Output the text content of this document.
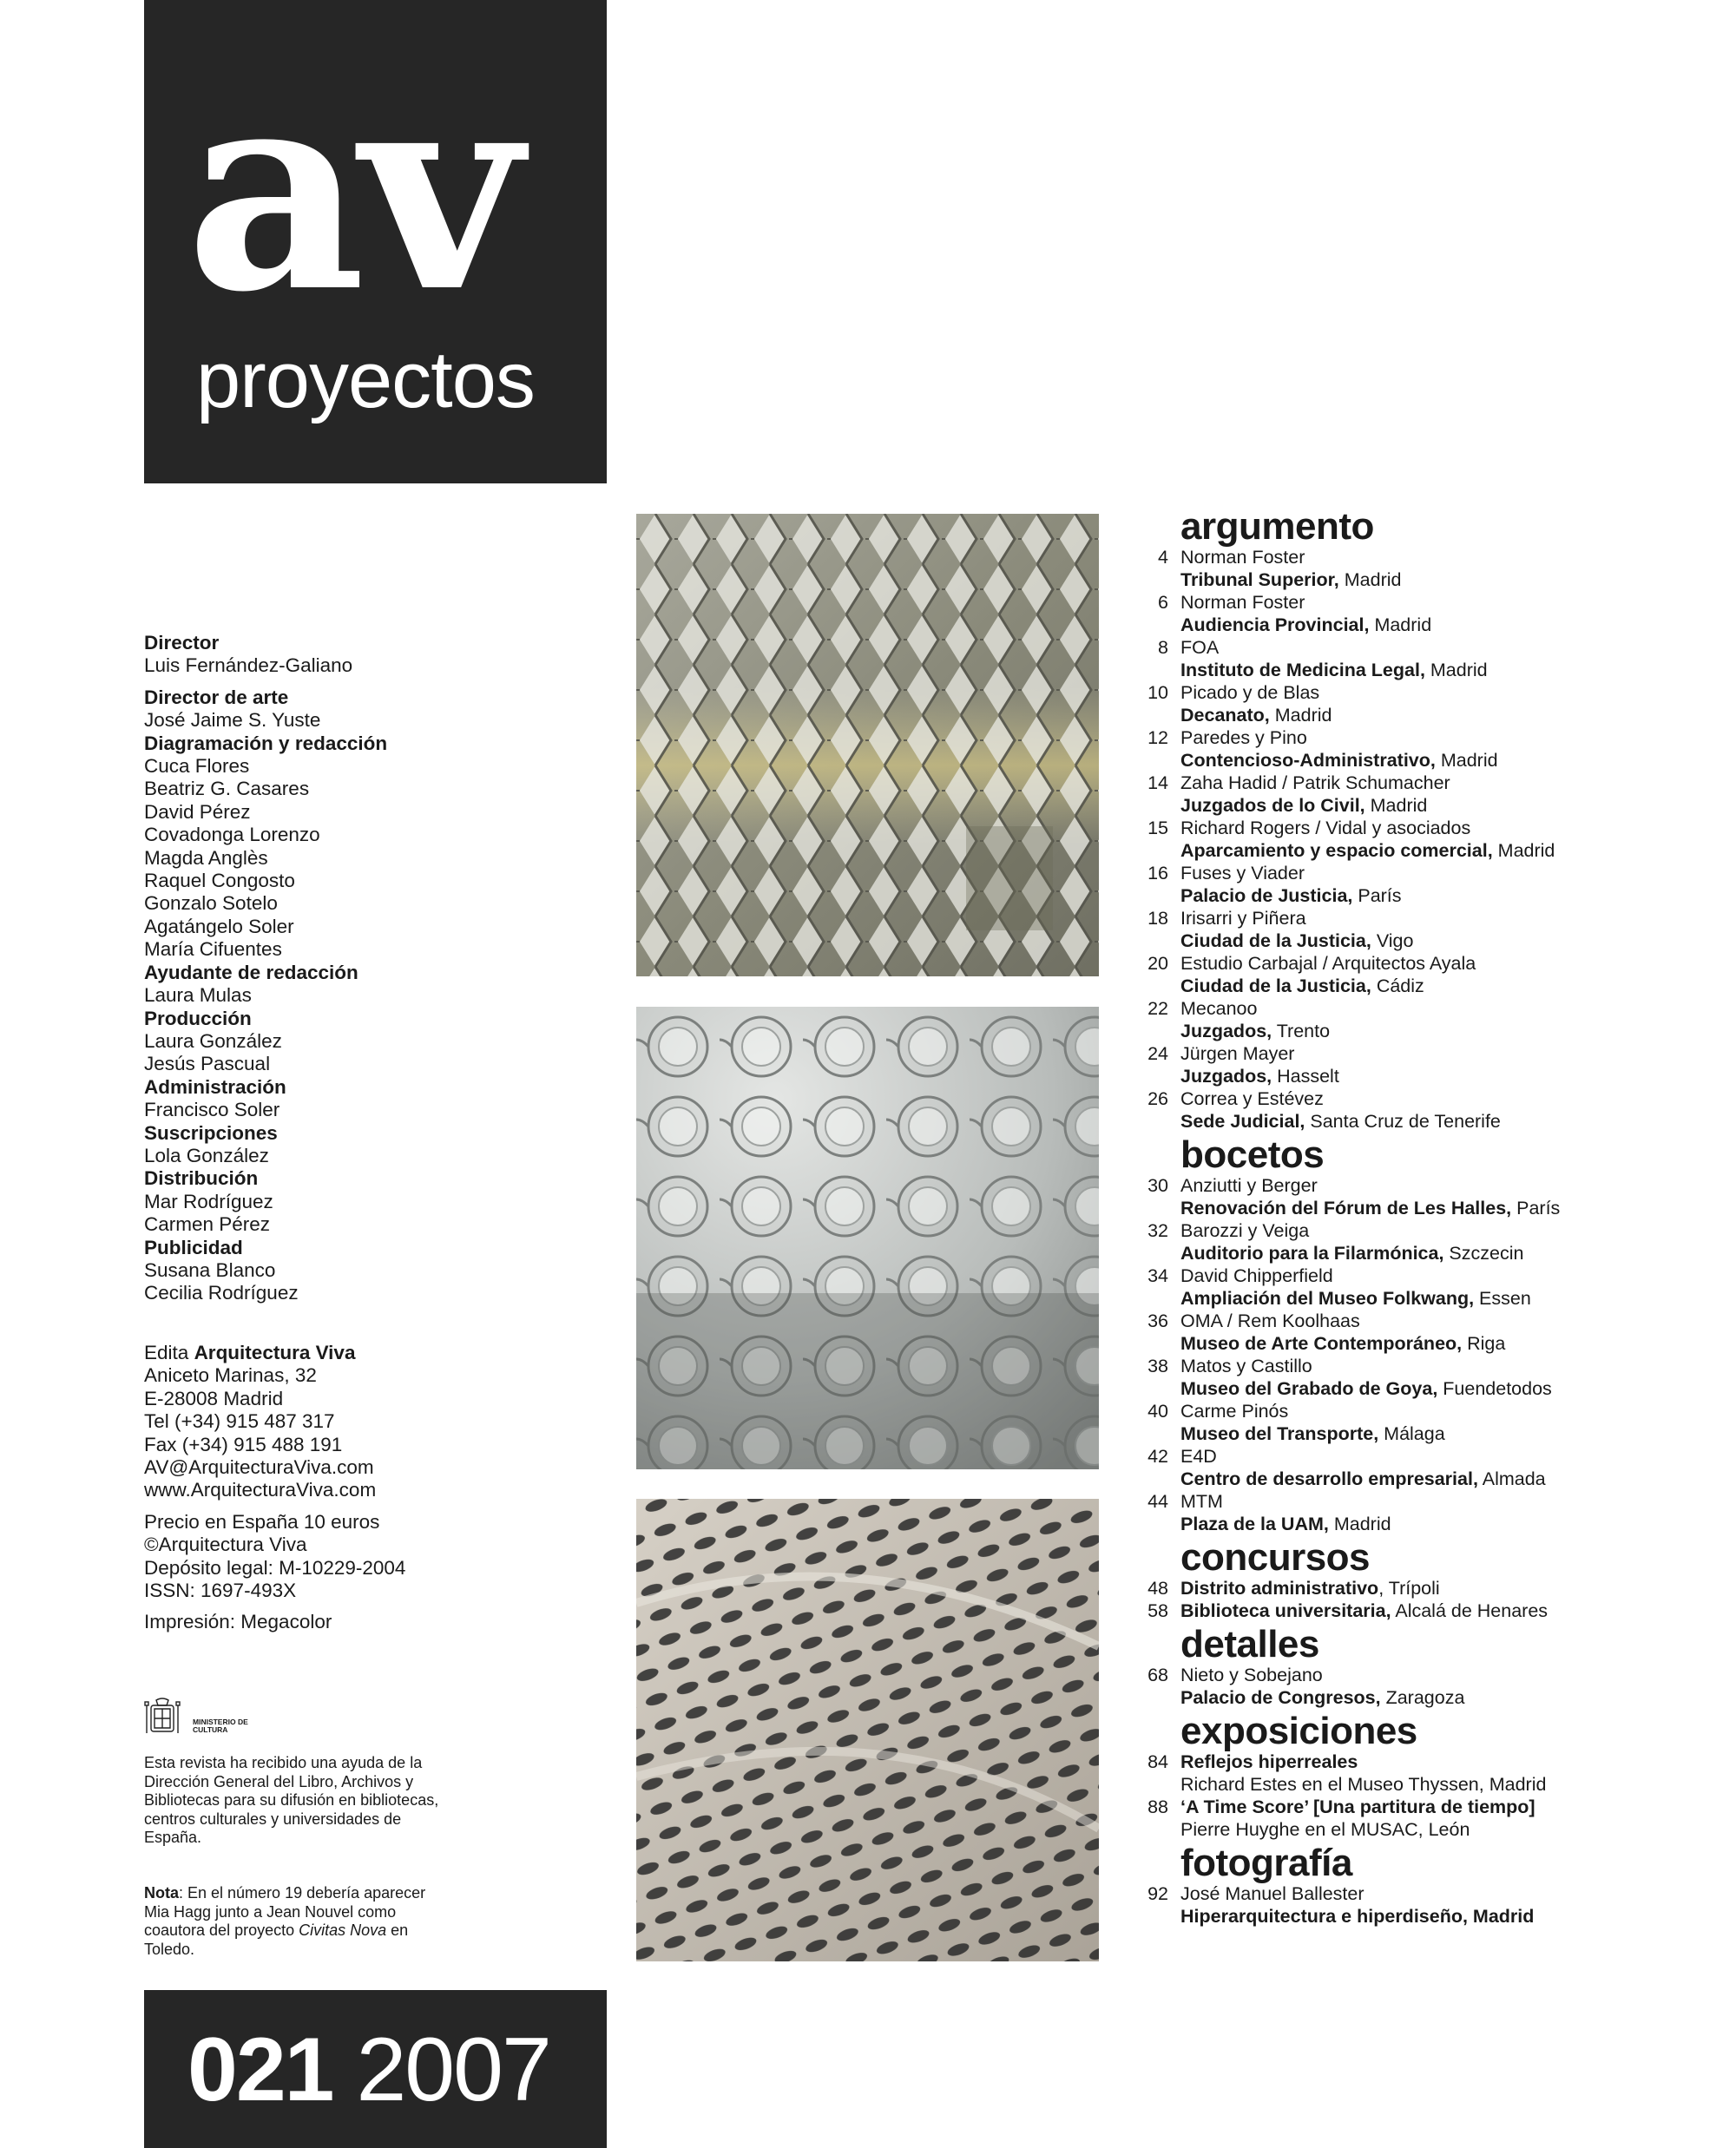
av
proyectos
Director
Luis Fernández-Galiano
Director de arte
José Jaime S. Yuste
Diagramación y redacción
Cuca Flores
Beatriz G. Casares
David Pérez
Covadonga Lorenzo
Magda Anglès
Raquel Congosto
Gonzalo Sotelo
Agatángelo Soler
María Cifuentes
Ayudante de redacción
Laura Mulas
Producción
Laura González
Jesús Pascual
Administración
Francisco Soler
Suscripciones
Lola González
Distribución
Mar Rodríguez
Carmen Pérez
Publicidad
Susana Blanco
Cecilia Rodríguez
Edita Arquitectura Viva
Aniceto Marinas, 32
E-28008 Madrid
Tel (+34) 915 487 317
Fax (+34) 915 488 191
AV@ArquitecturaViva.com
www.ArquitecturaViva.com
Precio en España 10 euros
©Arquitectura Viva
Depósito legal: M-10229-2004
ISSN: 1697-493X
Impresión: Megacolor
MINISTERIO DE CULTURA
Esta revista ha recibido una ayuda de la Dirección General del Libro, Archivos y Bibliotecas para su difusión en bibliotecas, centros culturales y universidades de España.
Nota: En el número 19 debería aparecer Mia Hagg junto a Jean Nouvel como coautora del proyecto Civitas Nova en Toledo.
021 2007
argumento
4 Norman Foster
Tribunal Superior, Madrid
6 Norman Foster
Audiencia Provincial, Madrid
8 FOA
Instituto de Medicina Legal, Madrid
10 Picado y de Blas
Decanato, Madrid
12 Paredes y Pino
Contencioso-Administrativo, Madrid
14 Zaha Hadid / Patrik Schumacher
Juzgados de lo Civil, Madrid
15 Richard Rogers / Vidal y asociados
Aparcamiento y espacio comercial, Madrid
16 Fuses y Viader
Palacio de Justicia, París
18 Irisarri y Piñera
Ciudad de la Justicia, Vigo
20 Estudio Carbajal / Arquitectos Ayala
Ciudad de la Justicia, Cádiz
22 Mecanoo
Juzgados, Trento
24 Jürgen Mayer
Juzgados, Hasselt
26 Correa y Estévez
Sede Judicial, Santa Cruz de Tenerife
bocetos
30 Anziutti y Berger
Renovación del Fórum de Les Halles, París
32 Barozzi y Veiga
Auditorio para la Filarmónica, Szczecin
34 David Chipperfield
Ampliación del Museo Folkwang, Essen
36 OMA / Rem Koolhaas
Museo de Arte Contemporáneo, Riga
38 Matos y Castillo
Museo del Grabado de Goya, Fuendetodos
40 Carme Pinós
Museo del Transporte, Málaga
42 E4D
Centro de desarrollo empresarial, Almada
44 MTM
Plaza de la UAM, Madrid
concursos
48 Distrito administrativo, Trípoli
58 Biblioteca universitaria, Alcalá de Henares
detalles
68 Nieto y Sobejano
Palacio de Congresos, Zaragoza
exposiciones
84 Reflejos hiperreales
Richard Estes en el Museo Thyssen, Madrid
88 ‘A Time Score’ [Una partitura de tiempo]
Pierre Huyghe en el MUSAC, León
fotografía
92 José Manuel Ballester
Hiperarquitectura e hiperdiseño, Madrid
